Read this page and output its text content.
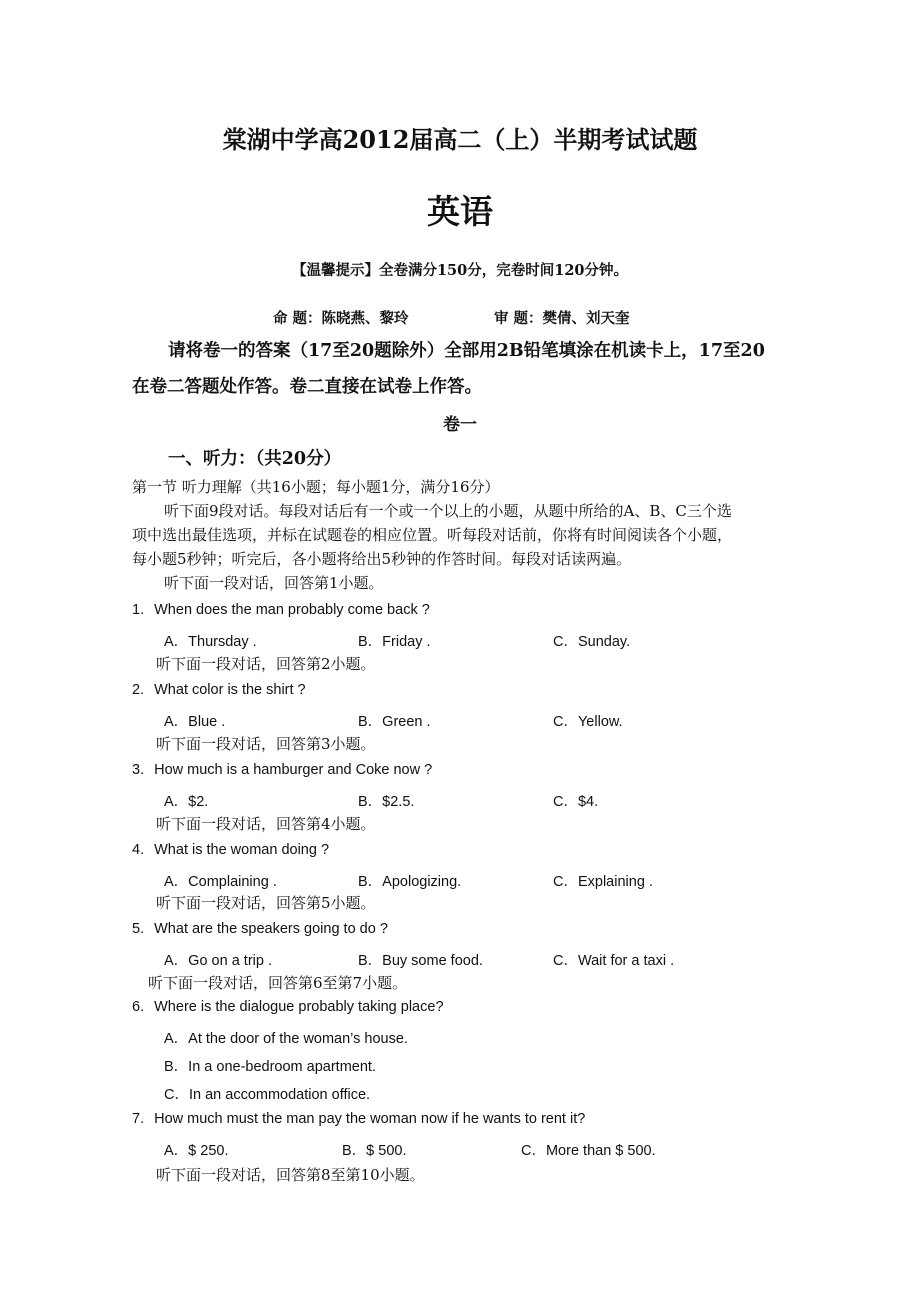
棠湖中学高2012届高二（上）半期考试试题
英语
【温馨提示】全卷满分150分，完卷时间120分钟。
命 题：陈晓燕、黎玲	审 题：樊倩、刘天奎
请将卷一的答案（17至20题除外）全部用2B铅笔填涂在机读卡上，17至20
在卷二答题处作答。卷二直接在试卷上作答。
卷一
一、听力：（共20分）
第一节 听力理解（共16小题；每小题1分，满分16分）
听下面9段对话。每段对话后有一个或一个以上的小题，从题中所给的A、B、C三个选
项中选出最佳选项，并标在试题卷的相应位置。听每段对话前，你将有时间阅读各个小题，
每小题5秒钟；听完后，各小题将给出5秒钟的作答时间。每段对话读两遍。
听下面一段对话，回答第1小题。
1. When does the man probably come back ?
A．Thursday .	B．Friday .	C．Sunday.
听下面一段对话，回答第2小题。
2. What color is the shirt ?
A．Blue .	B．Green .	C．Yellow.
听下面一段对话，回答第3小题。
3. How much is a hamburger and Coke now ?
A．$2.	B．$2.5.	C．$4.
听下面一段对话，回答第4小题。
4. What is the woman doing ?
A．Complaining .	B．Apologizing.	C．Explaining .
听下面一段对话，回答第5小题。
5. What are the speakers going to do ?
A．Go on a trip .	B．Buy some food.	C．Wait for a taxi .
听下面一段对话，回答第6至第7小题。
6. Where is the dialogue probably taking place?
A．At the door of the woman’s house.
B．In a one-bedroom apartment.
C．In an accommodation office.
7. How much must the man pay the woman now if he wants to rent it?
A．$ 250.	B．$ 500.	C．More than $ 500.
听下面一段对话，回答第8至第10小题。
